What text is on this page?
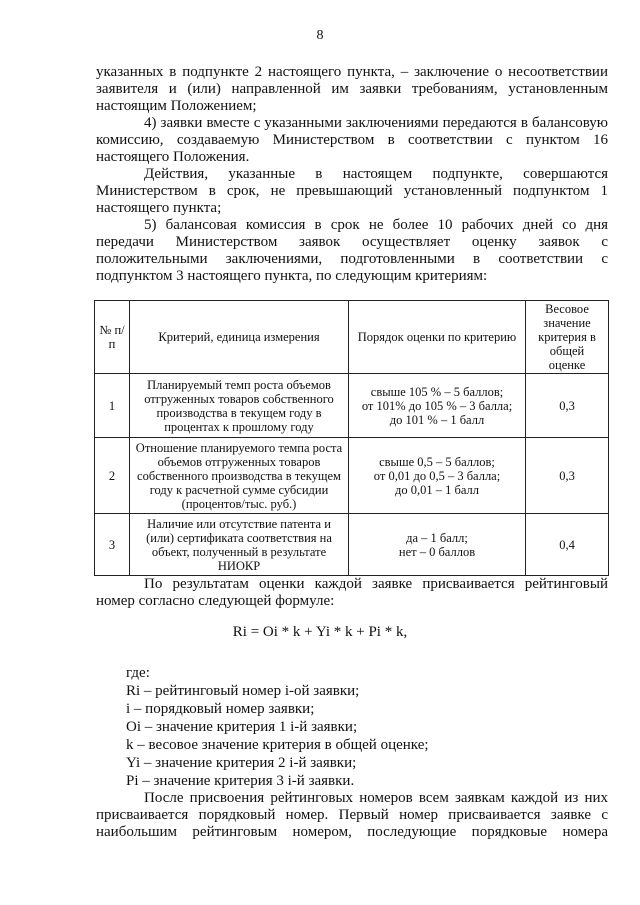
8

указанных в подпункте 2 настоящего пункта, – заключение о несоответствии заявителя и (или) направленной им заявки требованиям, установленным настоящим Положением;

4) заявки вместе с указанными заключениями передаются в балансовую комиссию, создаваемую Министерством в соответствии с пунктом 16 настоящего Положения.

Действия, указанные в настоящем подпункте, совершаются Министерством в срок, не превышающий установленный подпунктом 1 настоящего пункта;

5) балансовая комиссия в срок не более 10 рабочих дней со дня передачи Министерством заявок осуществляет оценку заявок с положительными заключениями, подготовленными в соответствии с подпунктом 3 настоящего пункта, по следующим критериям:

№ п/п	Критерий, единица измерения	Порядок оценки по критерию	Весовое значение критерия в общей оценке
1	Планируемый темп роста объемов отгруженных товаров собственного производства в текущем году в процентах к прошлому году	свыше 105 % – 5 баллов;
от 101% до 105 % – 3 балла;
до 101 % – 1 балл	0,3
2	Отношение планируемого темпа роста объемов отгруженных товаров собственного производства в текущем году к расчетной сумме субсидии (процентов/тыс. руб.)	свыше 0,5 – 5 баллов;
от 0,01 до 0,5 – 3 балла;
до 0,01 – 1 балл	0,3
3	Наличие или отсутствие патента и (или) сертификата соответствия на объект, полученный в результате НИОКР	да – 1 балл;
нет – 0 баллов	0,4

По результатам оценки каждой заявке присваивается рейтинговый номер согласно следующей формуле:

Ri = Oi * k + Yi * k + Pi * k,
где:
Ri – рейтинговый номер i-ой заявки;
i – порядковый номер заявки;
Oi – значение критерия 1 i-й заявки;
k – весовое значение критерия в общей оценке;
Yi – значение критерия 2 i-й заявки;
Pi – значение критерия 3 i-й заявки.

После присвоения рейтинговых номеров всем заявкам каждой из них присваивается порядковый номер. Первый номер присваивается заявке с наибольшим рейтинговым номером, последующие порядковые номера
